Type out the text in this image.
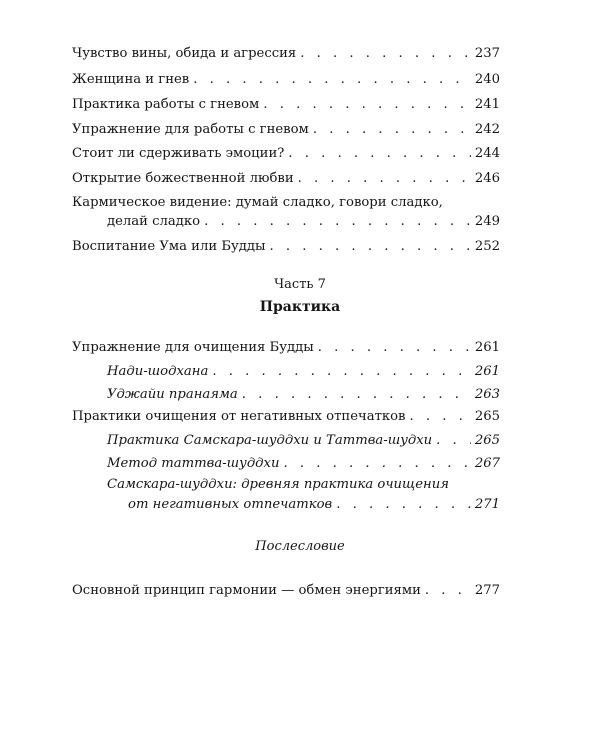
Чувство вины, обида и агрессия . . .	237
Женщина и гнев . . .	240
Практика работы с гневом . . .	241
Упражнение для работы с гневом . . .	242
Стоит ли сдерживать эмоции? . . .	244
Открытие божественной любви . . .	246
Кармическое видение: думай сладко, говори сладко,
делай сладко . . .	249
Воспитание Ума или Будды . . .	252
Часть 7
Практика
Упражнение для очищения Будды . . .	261
Нади-шодхана . . .	261
Уджайи пранаяма . . .	263
Практики очищения от негативных отпечатков . . .	265
Практика Самскара-шуддхи и Таттва-шудхи . . .	265
Метод таттва-шуддхи . . .	267
Самскара-шуддхи: древняя практика очищения
от негативных отпечатков . . .	271
Послесловие
Основной принцип гармонии — обмен энергиями . . .	277
